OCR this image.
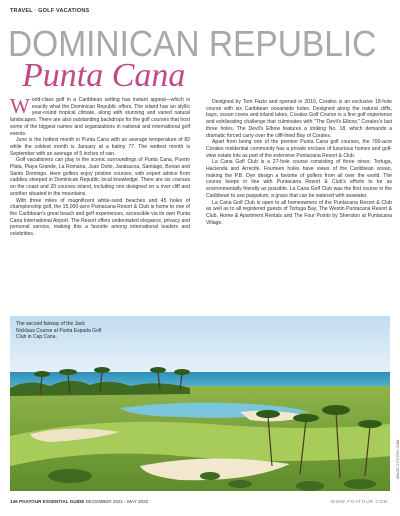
TRAVEL · GOLF VACATIONS
DOMINICAN REPUBLIC
Punta Cana

World-class golf in a Caribbean setting has instant appeal—which is exactly what the Dominican Republic offers. The island has an idyllic year-round tropical climate, along with stunning and varied natural landscapes. There are also outstanding backdrops for the golf courses that host some of the biggest names and organizations in national and international golf events.

June is the hottest month in Punta Cana with an average temperature of 82 while the coldest month is January at a balmy 77. The wettest month is September with an average of 5 inches of rain.

Golf vacationers can play in the scenic surroundings of Punta Cana, Puerto Plata, Playa Grande, La Romana, Juan Dolio, Jarabacoa, Santiago, Bonao and Santo Domingo. Here golfers enjoy pristine courses, with expert advice from caddies steeped in Dominican Republic local knowledge. There are six courses on the coast and 20 courses inland, including one designed on a river cliff and another situated in the mountains.

With three miles of magnificent white-sand beaches and 45 holes of championship golf, the 15,000-acre Puntacana Resort & Club is home to one of the Caribbean's great beach and golf experiences, accessible via its own Punta Cana International Airport. The Resort offers understated elegance, privacy and personal service, making this a favorite among international leaders and celebrities.

Designed by Tom Fazio and opened in 2010, Corales is an exclusive 18-hole course with six Caribbean oceanside holes. Designed along the natural cliffs, bays, ocean coves and inland lakes, Corales Golf Course is a fine golf experience and exhilarating challenge that culminates with "The Devil's Elbow," Corales's last three holes. The Devil's Elbow features a striking No. 18, which demands a dramatic forced carry over the cliff-lined Bay of Corales.

Apart from being one of the premier Punta Cana golf courses, the 700-acre Corales residential community has a private enclave of luxurious homes and golf-view estate lots as part of the extensive Puntacana Resort & Club.

La Cana Golf Club is a 27-hole course consisting of three nines: Tortuga, Hacienda and Arrecife. Fourteen holes have views of the Caribbean ocean, making the P.B. Dye design a favorite of golfers from all over the world. The course keeps in line with Puntacana Resort & Club's efforts to be as environmentally friendly as possible. La Cana Golf Club was the first course in the Caribbean to use paspalum, a grass that can be watered with seawater.

La Cana Golf Club is open to all homeowners of the Puntacana Resort & Club as well as to all registered guests of Tortuga Bay, The Westin Puntacana Resort & Club, Home & Apartment Rentals and The Four Points by Sheraton at Puntacana Village.

The second fairway of the Jack Nicklaus Course at Punta Espada Golf Club in Cap Cana.
IMAGE © ISTOCK.COM
136 PGATOUR ESSENTIAL GUIDE DECEMBER 2021 - MAY 2022	WWW.PGATOUR.COM
